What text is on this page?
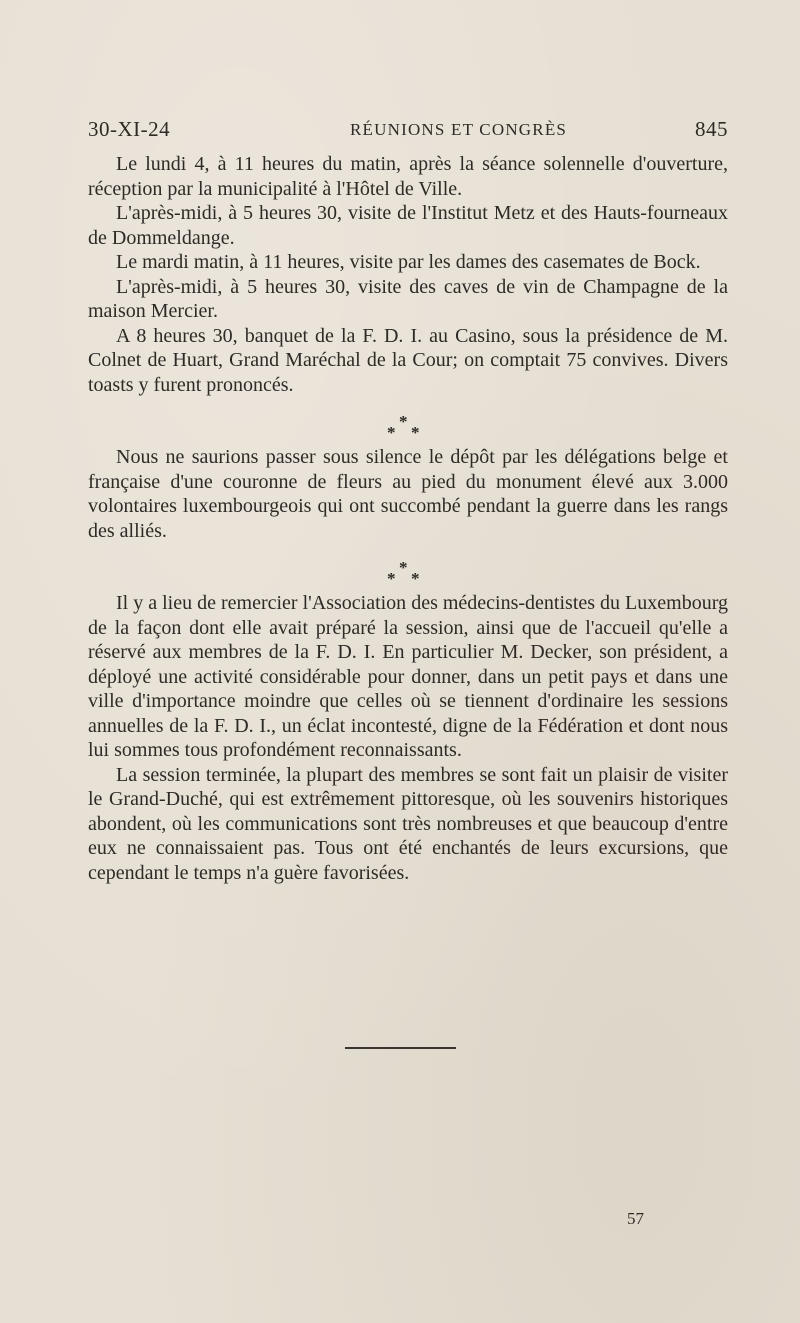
30-XI-24	RÉUNIONS ET CONGRÈS	845

Le lundi 4, à 11 heures du matin, après la séance solennelle d'ouverture, réception par la municipalité à l'Hôtel de Ville.

L'après-midi, à 5 heures 30, visite de l'Institut Metz et des Hauts-fourneaux de Dommeldange.

Le mardi matin, à 11 heures, visite par les dames des casemates de Bock.

L'après-midi, à 5 heures 30, visite des caves de vin de Champagne de la maison Mercier.

A 8 heures 30, banquet de la F. D. I. au Casino, sous la présidence de M. Colnet de Huart, Grand Maréchal de la Cour; on comptait 75 convives. Divers toasts y furent prononcés.

*
* *

Nous ne saurions passer sous silence le dépôt par les délégations belge et française d'une couronne de fleurs au pied du monument élevé aux 3.000 volontaires luxembourgeois qui ont succombé pendant la guerre dans les rangs des alliés.

*
* *

Il y a lieu de remercier l'Association des médecins-dentistes du Luxembourg de la façon dont elle avait préparé la session, ainsi que de l'accueil qu'elle a réservé aux membres de la F. D. I. En particulier M. Decker, son président, a déployé une activité considérable pour donner, dans un petit pays et dans une ville d'importance moindre que celles où se tiennent d'ordinaire les sessions annuelles de la F. D. I., un éclat incontesté, digne de la Fédération et dont nous lui sommes tous profondément reconnaissants.

La session terminée, la plupart des membres se sont fait un plaisir de visiter le Grand-Duché, qui est extrêmement pittoresque, où les souvenirs historiques abondent, où les communications sont très nombreuses et que beaucoup d'entre eux ne connaissaient pas. Tous ont été enchantés de leurs excursions, que cependant le temps n'a guère favorisées.

57
